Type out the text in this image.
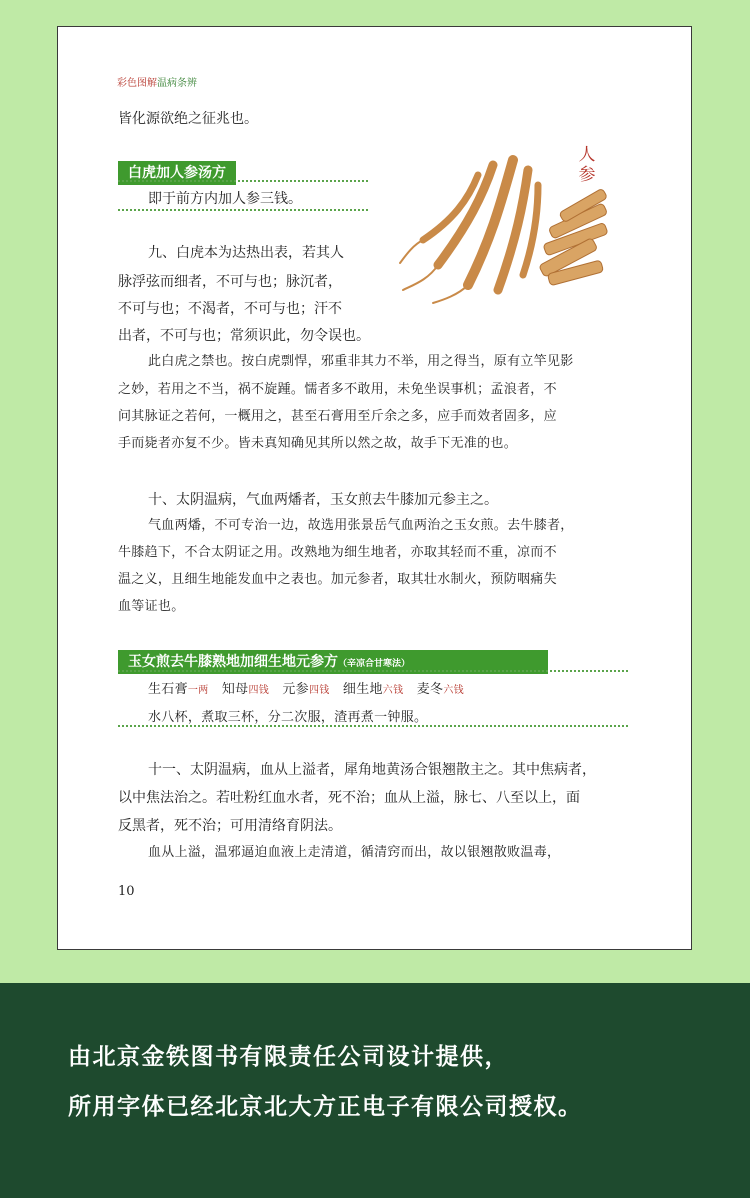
彩色图解温病条辨
皆化源欲绝之征兆也。
白虎加人参汤方
即于前方内加人参三钱。
人参
九、白虎本为达热出表，若其人
脉浮弦而细者，不可与也；脉沉者，
不可与也；不渴者，不可与也；汗不
出者，不可与也；常须识此，勿令误也。
此白虎之禁也。按白虎剽悍，邪重非其力不举，用之得当，原有立竿见影
之妙，若用之不当，祸不旋踵。懦者多不敢用，未免坐误事机；孟浪者，不
问其脉证之若何，一概用之，甚至石膏用至斤余之多，应手而效者固多，应
手而毙者亦复不少。皆未真知确见其所以然之故，故手下无准的也。
十、太阴温病，气血两燔者，玉女煎去牛膝加元参主之。
气血两燔，不可专治一边，故选用张景岳气血两治之玉女煎。去牛膝者，
牛膝趋下，不合太阴证之用。改熟地为细生地者，亦取其轻而不重，凉而不
温之义，且细生地能发血中之表也。加元参者，取其壮水制火，预防咽痛失
血等证也。
玉女煎去牛膝熟地加细生地元参方（辛凉合甘寒法）
生石膏一两 知母四钱 元参四钱 细生地六钱 麦冬六钱
水八杯，煮取三杯，分二次服，渣再煮一钟服。
十一、太阴温病，血从上溢者，犀角地黄汤合银翘散主之。其中焦病者，
以中焦法治之。若吐粉红血水者，死不治；血从上溢，脉七、八至以上，面
反黑者，死不治；可用清络育阴法。
血从上溢，温邪逼迫血液上走清道，循清窍而出，故以银翘散败温毒，
10
由北京金铁图书有限责任公司设计提供，
所用字体已经北京北大方正电子有限公司授权。
